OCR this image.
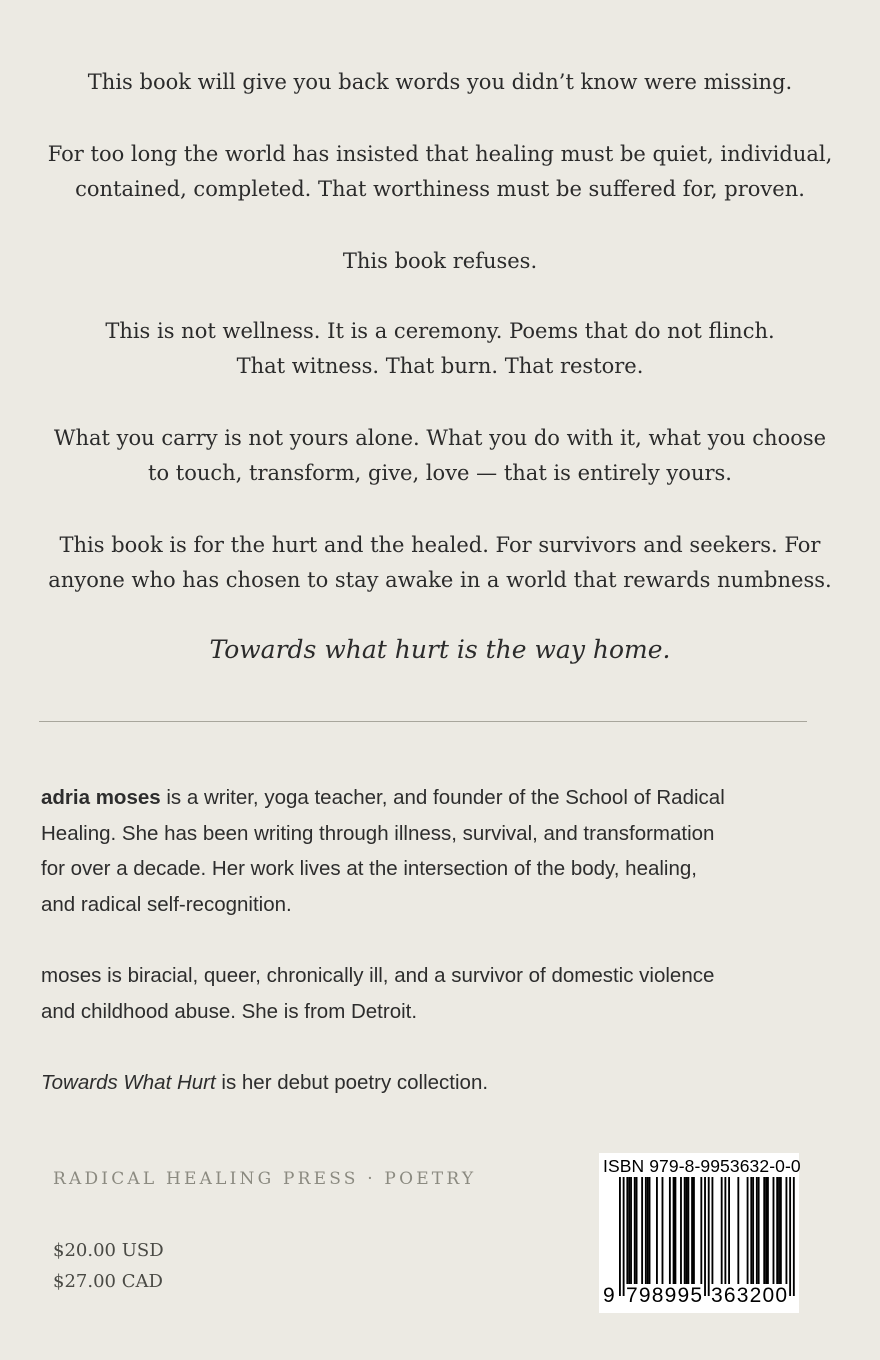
This book will give you back words you didn’t know were missing.

For too long the world has insisted that healing must be quiet, individual,
contained, completed. That worthiness must be suffered for, proven.

This book refuses.

This is not wellness. It is a ceremony. Poems that do not flinch.
That witness. That burn. That restore.

What you carry is not yours alone. What you do with it, what you choose
to touch, transform, give, love — that is entirely yours.

This book is for the hurt and the healed. For survivors and seekers. For
anyone who has chosen to stay awake in a world that rewards numbness.

Towards what hurt is the way home.

adria moses is a writer, yoga teacher, and founder of the School of Radical
Healing. She has been writing through illness, survival, and transformation
for over a decade. Her work lives at the intersection of the body, healing,
and radical self-recognition.

moses is biracial, queer, chronically ill, and a survivor of domestic violence
and childhood abuse. She is from Detroit.

Towards What Hurt is her debut poetry collection.

RADICAL HEALING PRESS · POETRY
$20.00 USD
$27.00 CAD
ISBN 979-8-9953632-0-0
9 798995 363200
